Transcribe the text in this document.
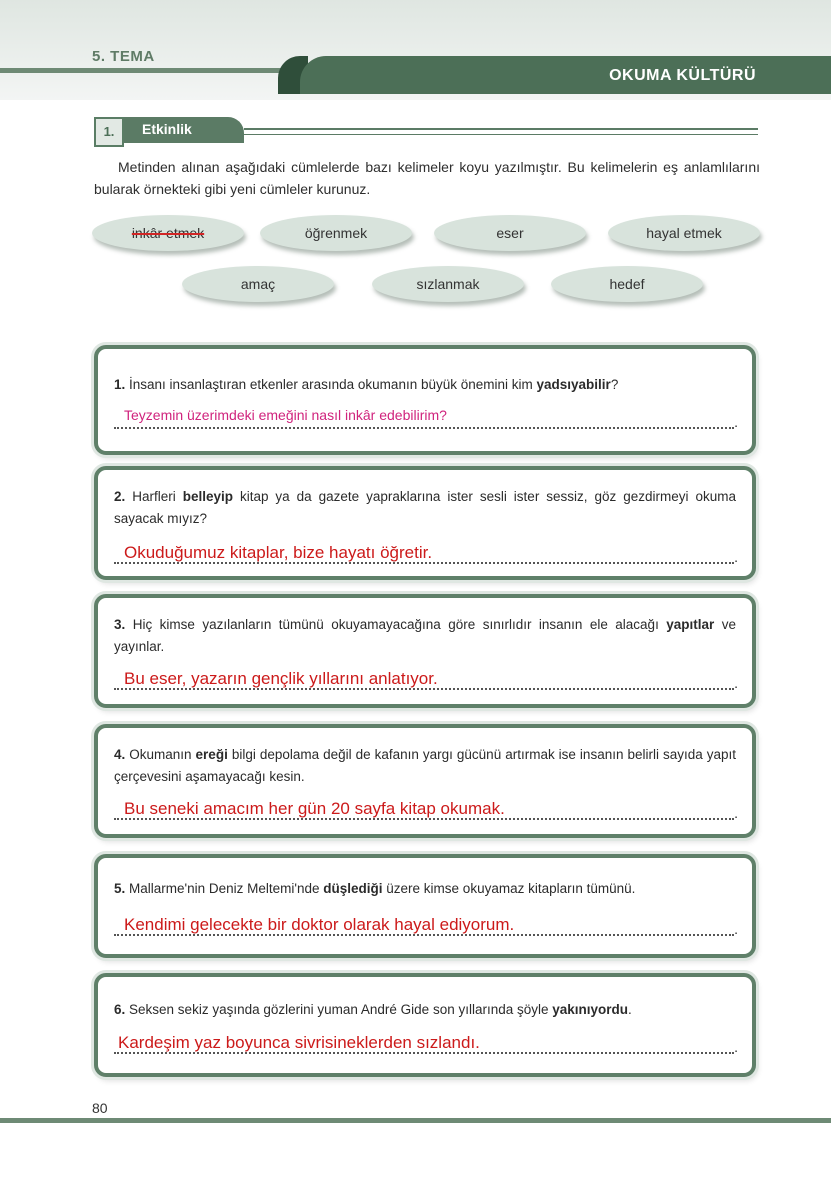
5. TEMA
OKUMA KÜLTÜRÜ
1.	Etkinlik
Metinden alınan aşağıdaki cümlelerde bazı kelimeler koyu yazılmıştır. Bu kelimelerin eş anlamlılarını bularak örnekteki gibi yeni cümleler kurunuz.
inkâr etmek	öğrenmek	eser	hayal etmek
amaç	sızlanmak	hedef
1. İnsanı insanlaştıran etkenler arasında okumanın büyük önemini kim yadsıyabilir?
Teyzemin üzerimdeki emeğini nasıl inkâr edebilirim?	.
2. Harfleri belleyip kitap ya da gazete yapraklarına ister sesli ister sessiz, göz gezdirmeyi okuma sayacak mıyız?
Okuduğumuz kitaplar, bize hayatı öğretir.	.
3. Hiç kimse yazılanların tümünü okuyamayacağına göre sınırlıdır insanın ele alacağı yapıtlar ve yayınlar.
Bu eser, yazarın gençlik yıllarını anlatıyor.	.
4. Okumanın ereği bilgi depolama değil de kafanın yargı gücünü artırmak ise insanın belirli sayıda yapıt çerçevesini aşamayacağı kesin.
Bu seneki amacım her gün 20 sayfa kitap okumak.	.
5. Mallarme'nin Deniz Meltemi'nde düşlediği üzere kimse okuyamaz kitapların tümünü.
Kendimi gelecekte bir doktor olarak hayal ediyorum.	.
6. Seksen sekiz yaşında gözlerini yuman André Gide son yıllarında şöyle yakınıyordu.
Kardeşim yaz boyunca sivrisineklerden sızlandı.	.
80
